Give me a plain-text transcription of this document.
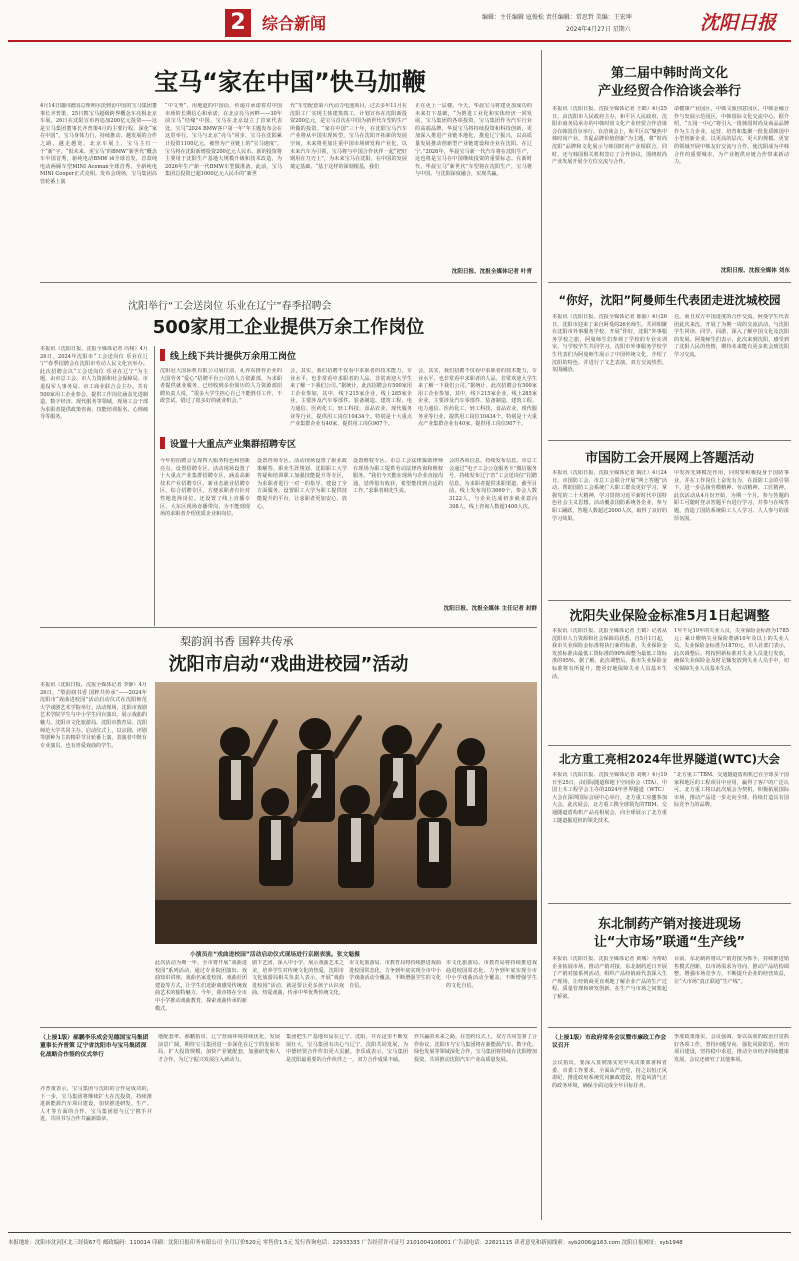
2	综合新闻	编辑：主任编辑 寇俊松 责任编辑：常思哲 美编：王宏坤
2024年4月27日 星期六	沈阳日报
宝马“家在中国”快马加鞭
4月14日随同德国总理朔尔茨到访中国的宝马集团董事长齐普策，25日携宝马超级跨界概念车亮相北京车展。26日在沈阳宣布再追加200亿元投资——这是宝马集团董事长齐普策4月的主要行程。深化“家在中国”，宝马身体力行，持续推动、越发展的合作之路，越走越宽。北京车展上，宝马主打一个“新”字，“很未来、更宝马”的BMW“新世代”概念车中国首秀，新纯电动BMW i4全球首发，首款纯电动两厢车型MINI Aceman全球首秀、全新纯电MINI Cooper正式亮相。发布会现场，宝马集团高管轮番上演
“中文秀”，用地道的中国话，传递并承诺着对中国市场的长期信心和承诺。在北京亮马河畔——30年前宝马“结缘”中国，宝马在北京设立了首家代表处。宝马“2024 BMW客户第一年”年主题发布会在这里举行。宝马与北京“亮马”同步，宝马在沈阳累计投资1100亿元，被誉为产业链上的“宝马速度”。宝马将在沈阳新增投资200亿元人民币。新的投资将主要用于沈阳生产基地大规模升级和技术改造，为2026年生产新一代BMW车型做准备。此前，宝马集团总投资已超1000亿元人民币的“新世
代”车型配套第六代动力电池项目。过去多年11月在沈阳工厂实现主体建筑竣工，计划宣布在沈阳新投资200亿元，是宝马首次在中国为新世代车型的生产所做的投资。“家在中国”三十年，在沈阳宝马汽车产业将从中国实现转型，宝马在沈阳开拓新的发展空间，未来将更加注重中国市场研发和产业化，以未来汽车为引领，宝马将与中国合作伙伴一起“把好钢用在刀刃上”，为未来宝马在沈阳，在中国的发展奠定基础。“基于这样的深刻根基，我们
正在更上一层楼。今天，华晨宝马将建更加成功的未来打下基础，“为推进工业化和实体经济一同发展，宝马集团的各项投资。宝马集团作为汽车行业的高端品牌，华晨宝马将持续投资和科技创新，更加深入推进产业链本地化，推进辽宁振兴，以高质量发展推动创新型产业链建设和企业在沈阳、在辽宁。”2026年，华晨宝马新一代汽车将在沈阳生产，这也将是宝马在中国继续投资的重要标志。在新时代，华晨宝马“新世代”车型将在沈阳生产，宝马将与中国、与沈阳深度融合，实现共赢。
沈阳日报、沈报全媒体记者 叶青
第二届中韩时尚文化
产业经贸合作洽谈会举行
本报讯（沈阳日报、沈报全媒体记者 王鹤）4月25日，由沈阳市人民政府主办，和平区人民政府、沈阳市商务局承办的中韩时尚文化产业经贸合作洽谈会在韩国首尔举行。在洽谈会上，和平区以“聚焦中韩时尚产业，共促品牌价值创新”为主题，将“时尚沈阳”品牌和文化展示与韩国时尚产业相联合。同时，还与韩国相关机构签订了合作协议，围绕时尚产业发展开展全方位交流与合作。
命健康产业园区，中韩文旅创意园区，中韩金融合作与发展示范园区，中韩国际文化交流中心。据介绍，“五园一中心”将引入一批韩国时尚及商品品牌作为主力企业。运营，培育和集聚一批优质韩国中小型创新企业，以更高的层次、更大的规模、更宽的领域开展中韩友好交流与合作，使沈阳成为中韩合作的重要城市，为产业链供应链合作带来新动力。
沈阳日报、沈报全媒体 刘东
沈阳举行“工会送岗位 乐业在辽宁”春季招聘会
500家用工企业提供万余工作岗位
本报讯（沈阳日报、沈报全媒体记者 冯栩）4月26日，2024年沈阳市“工会送岗位 乐业在辽宁”春季招聘会在沈阳市劳动人民文化宫举办。此次招聘会以“工会送岗位 乐业在辽宁”为主题，由市总工会、市人力资源和社会保障局、市退役军人事务局、市工商业联合会主办。共有500家用工企业参会，提供工作岗位涵盖先进制造、数字经济、现代服务等领域，现场工会干部为求职者提供政策咨询、技能培训报名、心理疏导等服务。
线上线下共计提供万余用工岗位
沈阳冠大国际机有限公司展位前，孔养东推荐企业的大国劳务“爱心”招聘平台公司的人力资源部，为求职者提供就业服务，已经收到多份简历的人力资源部招聘负责人说，“很多大学生担心自己不能胜任工作，不敢尝试，错过了很多好的就业机会。”
会，其实，我们招聘不仅看中求职者的技术能力，专业水平，也非常看中求职者的人品，非常欢迎大学生来了解一下我们公司。”据统计，此次招聘会有500家用工企业参加，其中，线下215家企业，线上285家企业，主要涉及汽车零部件、装备制造、建筑工程、电力通信、医药化工、轻工科技、食品农业、现代服务业等行业，提供用工岗位10434个。特别是十大重点产业集群企业有40家，提供用工岗位907个。
会，其实，我们招聘不仅看中求职者的技术能力，专业水平，也非常看中求职者的人品，非常欢迎大学生来了解一下我们公司。”据统计，此次招聘会有500家用工企业参加，其中，线下215家企业，线上285家企业，主要涉及汽车零部件、装备制造、建筑工程、电力通信、医药化工、轻工科技、食品农业、现代服务业等行业，提供用工岗位10434个。特别是十大重点产业集群企业有40家，提供用工岗位907个。
设置十大重点产业集群招聘专区
今年的招聘会呈现四大服务特色和创新亮点。设置招聘专区。活动现场设置了十大重点产业集群招聘专区，涵盖高新技术产业招聘专区、新业态就业招聘专区、综合招聘专区，方便求职者有针对性地选择岗位。还设置了线上直播专区，大东区现场直播带岗，为不能到现场的求职者介绍优质企业和岗位。
设置咨询专区。活动现场设置了职业政策解答、职业生涯规划、沈阳职工大学答疑和培训职工加强技能提升等专区，为求职者进行一对一的指导。建设了全方面服务。设置职工大学为职工提供技能提升的平台，让求职者更加安心、放心。
设置维权专区。市总工会法律援助律师在现场为职工提供劳动法律咨询和维权服务。“我们今天能在现场与企业直接沟通，觉得很有收获，希望能找到合适的工作。”求职者韩先生说。
会的各项信息。持续发布信息。市总工会通过“电子工会公众服务卡”微信服务号，持续发布辽宁省“工会送岗位”招聘信息，为求职者提供求职渠道。截至目前，线上发布岗位3669个，参会人数3122人，与企业达成初步就业意向398人，线上咨询人数超1400人次。
沈阳日报、沈报全媒体 主任记者 封群
梨韵润书香 国粹共传承
沈阳市启动“戏曲进校园”活动
本报讯（沈阳日报、沈报全媒体记者 李静）4月26日，“梨韵润书香 国粹共传承”——2024年沈阳市“戏曲进校园”活动启动仪式在沈阳师范大学戏剧艺术学院举行。活动现场，沈阳市戏剧艺术学院学生与中小学生同台演出，展示戏曲的魅力。沈阳市文化旅游局、沈阳市教育局、沈阳师范大学共同主办。启动仪式上，以京剧、评剧等剧种为主的精彩节目轮番上演，表演者中既有专业演员，也有喜爱戏曲的学生。
小演员在“戏曲进校园”活动启动仪式现场进行京剧表演。张文魁摄
此次活动为期一年，全市将开展“戏曲进校园”系列活动，通过专业院团演出、戏曲知识讲座、戏曲名家进校园、戏曲社团建设等方式，让学生们近距离感受传统戏曲艺术的独特魅力。今年，我市将在全市中小学推动戏曲教育，探索戏曲传承的新模式。
剧下艺团，深入中小学，展示戏曲艺术之美，培养学生对传统文化的热爱。沈阳市文化旅游局相关负责人表示，开展“戏曲进校园”活动，就是要让更多孩子认识戏曲、热爱戏曲，传承中华优秀传统文化。
市文化旅游局、市教育局将持续推进戏曲进校园常态化，力争到年底实现全市中小学戏曲活动全覆盖，不断增强学生的文化自信。
市文化旅游局、市教育局将持续推进戏曲进校园常态化，力争到年底实现全市中小学戏曲活动全覆盖，不断增强学生的文化自信。
“你好，沈阳”阿曼师生代表团走进沈城校园
本报讯（沈阳日报、沈报全媒体记者 陈丽）4月26日，沈阳市迎来了来自阿曼的26名师生。共同相聚在沈阳市外事服务学校，开展“你好，沈阳”外事服务学校之旅，阿曼师生们参观了学校的专业实训室，与学校学生共同学习。沈阳市外事服务学校学生代表们为阿曼师生展示了中国传统文化，介绍了沈阳的特色，并进行了文艺表演，双方交流热烈，氛围融洽。
达。而且双方中国进度的合作交流，阿曼学生代表团此次来沈，开展了为期一周的交流活动，与沈阳学生同读、同学、同游，深入了解中国文化及沈阳的发展。阿曼师生们表示，此次来到沈阳，感受到了沈阳人民的热情，期待未来能有更多机会到沈阳学习交流。
市国防工会开展网上答题活动
本报讯（沈阳日报、沈报全媒体记者 陶正）4月24日，市国防工会、市总工会联合开展“网上答题”活动，帮助国防工会系统广大职工群众更好学习、掌握党的二十大精神，学习贯彻习近平新时代中国特色社会主义思想。活动覆盖国防系统各企业，参与职工踊跃，答题人数超过2000人次，取得了良好的学习效果。
中发挥先锋模范作用，同时要积极投身于国防事业，并在工作岗位上奋发有为，在国防工会的引领下，进一步弘扬劳模精神、劳动精神、工匠精神。此次活动从4月份开始，为期一个月。参与答题的职工可随时登录答题平台进行学习，并参与在线答题，营造了国防系统职工人人学习、人人参与的浓厚氛围。
沈阳失业保险金标准5月1日起调整
本报讯（沈阳日报、沈报全媒体记者 王鹤）记者从沈阳市人力资源和社会保障局获悉，自5月1日起，我市失业保险金标准将执行新的标准，失业保险金发放标准由最低工资标准的90%调整为最低工资标准的95%。据了解，此次调整后，我市失业保险金标准将有所提升，能更好地保障失业人员基本生活。
1年不足10年的失业人员，失业保险金标准为1785元；累计缴纳失业保险费满10年及以上的失业人员，失业保险金标准为1870元。市人社部门表示，此次调整后，将按照新标准对失业人员进行发放，确保失业保险金及时足额发放到失业人员手中，切实保障失业人员基本生活。
北方重工亮相2024年世界隧道(WTC)大会
本报讯（沈阳日报、沈报全媒体记者 刘莉）4月19日至25日，由国际隧道和地下空间协会（ITA）、中国土木工程学会主办的2024年世界隧道（WTC）大会在深圳国际会展中心举行，北方重工应邀参加大会。此次展会，北方重工携全球领先的TBM、交通隧道盾构机产品亮相展会，向全球展示了北方重工隧道掘进机的领先技术。
“北方重工”TBM、交通隧道盾构机已在全球多个国家和地区的工程项目中应用，赢得了客户的广泛认可。北方重工将以此次展会为契机，积极拓展国际市场，推动产品进一步走向全球，持续打造具有国际竞争力的品牌。
东北制药产销对接进现场
让“大市场”联通“生产线”
本报讯（沈阳日报、沈报全媒体记者 黄城）为帮助企业拓展市场，推动产销对接，东北制药近日开展了产销对接系列活动，组织产品经销商代表深入生产现场，让经销商更直观地了解企业产品的生产过程、质量管理和研发创新，在生产与市场之间架起了桥梁。
目前，东北制药将以产销对接为抓手，持续推进销售模式创新，以市场需求为导向，推动产品结构调整，增强市场竞争力，不断提升企业的经营效益，让“大市场”真正联通“生产线”。
（上接1版）郝鹏李乐成会见德国宝马集团董事长齐普策 辽宁省沈阳市与宝马集团深化战略合作签约仪式举行
齐普策表示，宝马集团与沈阳的合作是成功的，下一步，宝马集团将继续扩大在沈投资，持续推进新能源汽车项目建设，加快推进研发、生产、人才等方面的合作，宝马集团愿与辽宁携手并进，共同书写合作共赢新篇章。
地配套率。郝鹏指出，辽宁营商环境持续优化，发展前景广阔，期待宝马集团进一步深化在辽宁的发展布局，扩大投资规模，加快产业链配套，加强研发和人才合作，为辽宁振兴发展注入新动力。
集团把生产基地布局在辽宁、沈阳，并在这里不断发展壮大，宝马集团有决心与辽宁、沈阳共同发展，为中德经贸合作作出更大贡献。李乐成表示，宝马集团是沈阳最重要的合作伙伴之一，双方合作成果丰硕。
作共赢的未来之路。在签约仪式上，双方共同签署了合作协议，沈阳市与宝马集团将在新能源汽车、数字化、绿色发展等领域深化合作，宝马集团将持续在沈阳增加投资，共同推动沈阳汽车产业高质量发展。
（上接1版）市政府常务会议暨市廉政工作会议召开
会议指出，要深入贯彻落实党中央决策部署和省委、市委工作要求，全面从严治党，持之以恒正风肃纪，推进政府系统党风廉政建设，营造风清气正的政务环境，确保全面完成全年目标任务。
季度政策落实。会议强调，要以高度的政治自觉抓好各项工作，坚持问题导向，强化风险防范，突出项目建设，坚持稳中求进，推动全市经济持续健康发展。会议还研究了其他事项。
本报地址：沈阳市沈河区北三经街67号 邮政编码：110014 印刷：沈阳日报印务有限公司 全月订价520元 零售价1.5元 发行咨询电话：22933333 广告经营许可证号 2101004106001 广告部电话：22821115 读者意见和新闻线索：syb2006@163.com 沈阳日报网址：syb1948
